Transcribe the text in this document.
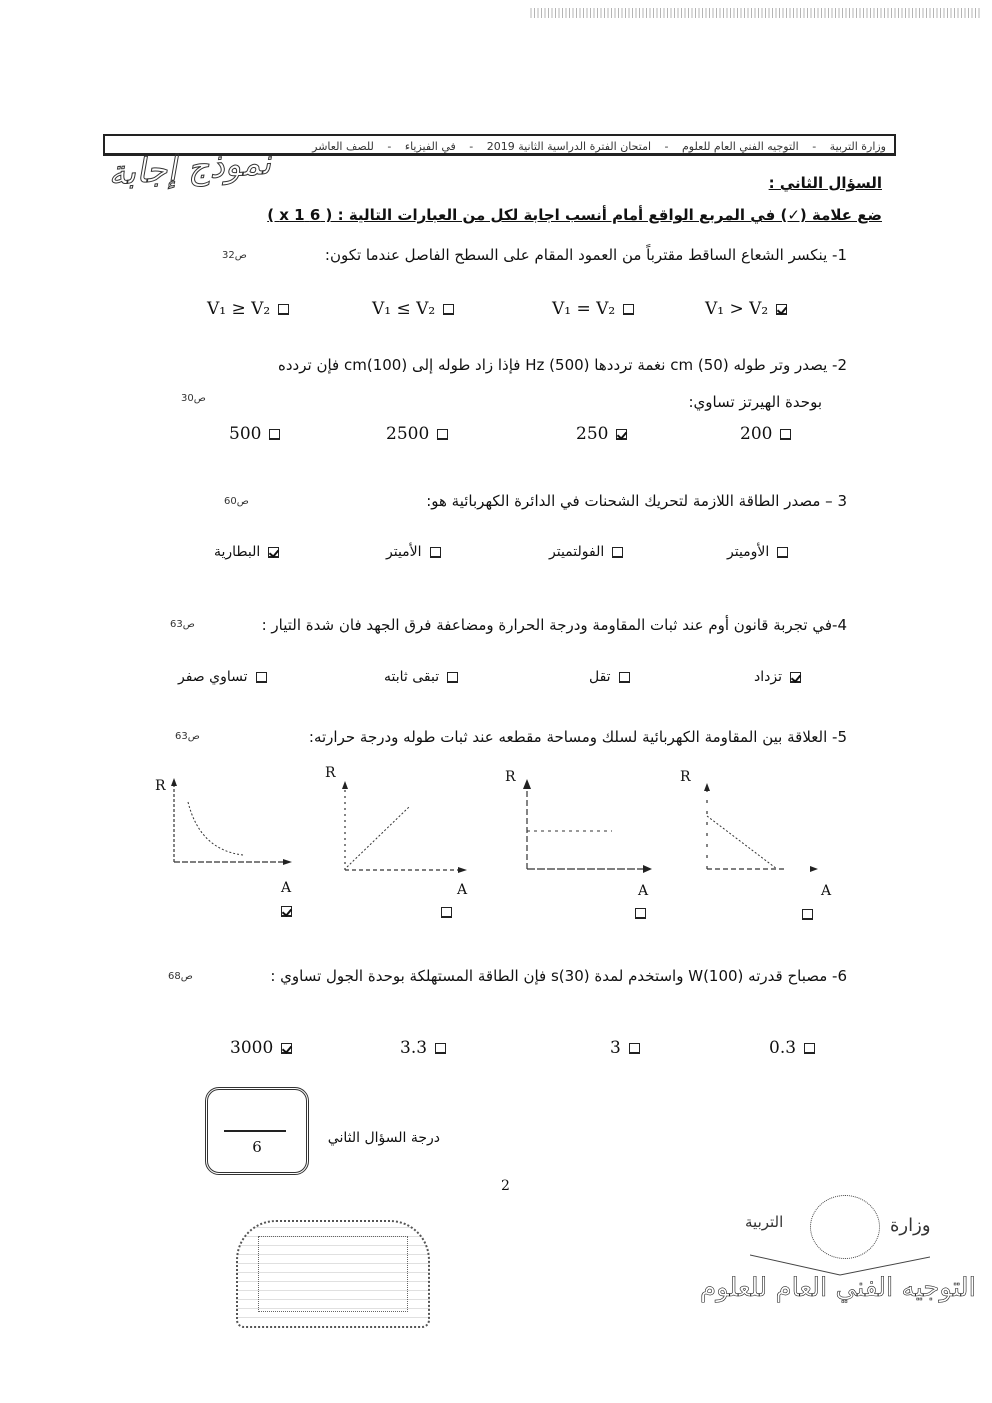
وزارة التربية - التوجيه الفني العام للعلوم - امتحان الفترة الدراسية الثانية 2019 - في الفيزياء - للصف العاشر
نموذج إجابة	السؤال الثاني :
ضع علامة (✓) في المربع الواقع أمام أنسب اجابة لكل من العبارات التالية : ( 6 x 1 )
1- ينكسر الشعاع الساقط مقترباً من العمود المقام على السطح الفاصل عندما تكون:
ص32
V₁ > V₂
V₁ = V₂
V₁ ≤ V₂
V₁ ≥ V₂
2- يصدر وتر طوله cm (50) نغمة ترددها Hz (500) فإذا زاد طوله إلى cm(100) فإن تردده
بوحدة الهيرتز تساوي:
ص30
200
250
2500
500
3 – مصدر الطاقة اللازمة لتحريك الشحنات في الدائرة الكهربائية هو:
ص60
الأوميتر
الفولتميتر
الأميتر
البطارية
4-في تجربة قانون أوم عند ثبات المقاومة ودرجة الحرارة ومضاعفة فرق الجهد فان شدة التيار :
ص63
تزداد
تقل
تبقى ثابته
تساوي صفر
5- العلاقة بين المقاومة الكهربائية لسلك ومساحة مقطعه عند ثبات طوله ودرجة حرارته:
ص63
R
A
R
A
R
A
R
A
6- مصباح قدرته W(100) واستخدم لمدة s(30) فإن الطاقة المستهلكة بوحدة الجول تساوي :
ص68
0.3
3
3.3
3000
6	درجة السؤال الثاني
2
التربية	وزارة
التوجيه الفني العام للعلوم
